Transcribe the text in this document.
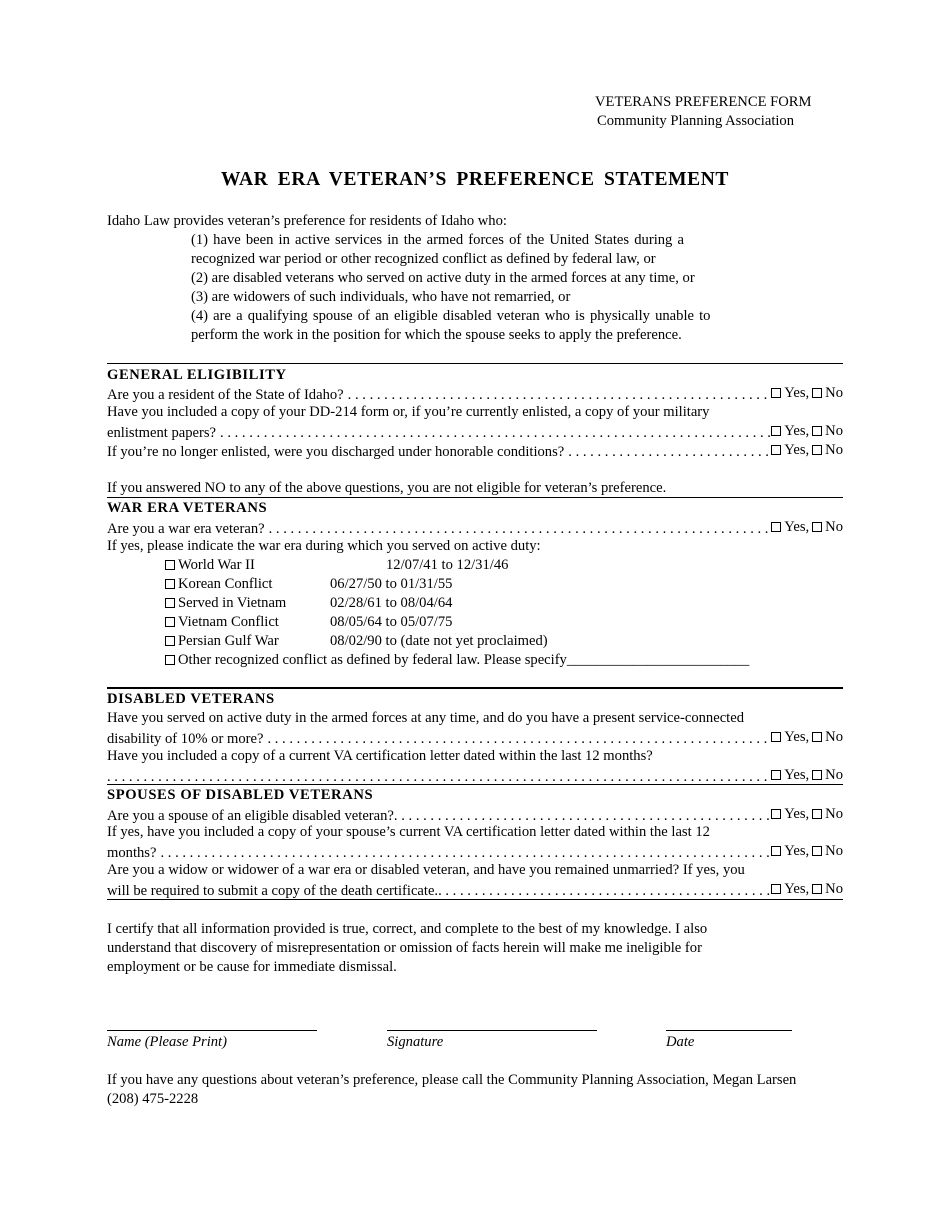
VETERANS PREFERENCE FORM
Community Planning Association
WAR ERA VETERAN’S PREFERENCE STATEMENT
Idaho Law provides veteran’s preference for residents of Idaho who:
(1) have been in active services in the armed forces of the United States during a
recognized war period or other recognized conflict as defined by federal law, or
(2) are disabled veterans who served on active duty in the armed forces at any time, or
(3) are widowers of such individuals, who have not remarried, or
(4) are a qualifying spouse of an eligible disabled veteran who is physically unable to
perform the work in the position for which the spouse seeks to apply the preference.
GENERAL ELIGIBILITY
Are you a resident of the State of Idaho? . . .	Yes, No
Have you included a copy of your DD-214 form or, if you’re currently enlisted, a copy of your military
enlistment papers? . . .	Yes, No
If you’re no longer enlisted, were you discharged under honorable conditions? . . .	Yes, No
If you answered NO to any of the above questions, you are not eligible for veteran’s preference.
WAR ERA VETERANS
Are you a war era veteran? . . .	Yes, No
If yes, please indicate the war era during which you served on active duty:
World War II	12/07/41 to 12/31/46
Korean Conflict	06/27/50 to 01/31/55
Served in Vietnam	02/28/61 to 08/04/64
Vietnam Conflict	08/05/64 to 05/07/75
Persian Gulf War	08/02/90 to (date not yet proclaimed)
Other recognized conflict as defined by federal law. Please specify_________________________
DISABLED VETERANS
Have you served on active duty in the armed forces at any time, and do you have a present service-connected
disability of 10% or more? . . .	Yes, No
Have you included a copy of a current VA certification letter dated within the last 12 months?
. . .
Yes, No
SPOUSES OF DISABLED VETERANS
Are you a spouse of an eligible disabled veteran? . . .	Yes, No
If yes, have you included a copy of your spouse’s current VA certification letter dated within the last 12
months? . . .	Yes, No
Are you a widow or widower of a war era or disabled veteran, and have you remained unmarried? If yes, you
will be required to submit a copy of the death certificate. . . .	Yes, No
I certify that all information provided is true, correct, and complete to the best of my knowledge. I also
understand that discovery of misrepresentation or omission of facts herein will make me ineligible for
employment or be cause for immediate dismissal.
Name (Please Print)	Signature	Date
If you have any questions about veteran’s preference, please call the Community Planning Association, Megan Larsen
(208) 475-2228
